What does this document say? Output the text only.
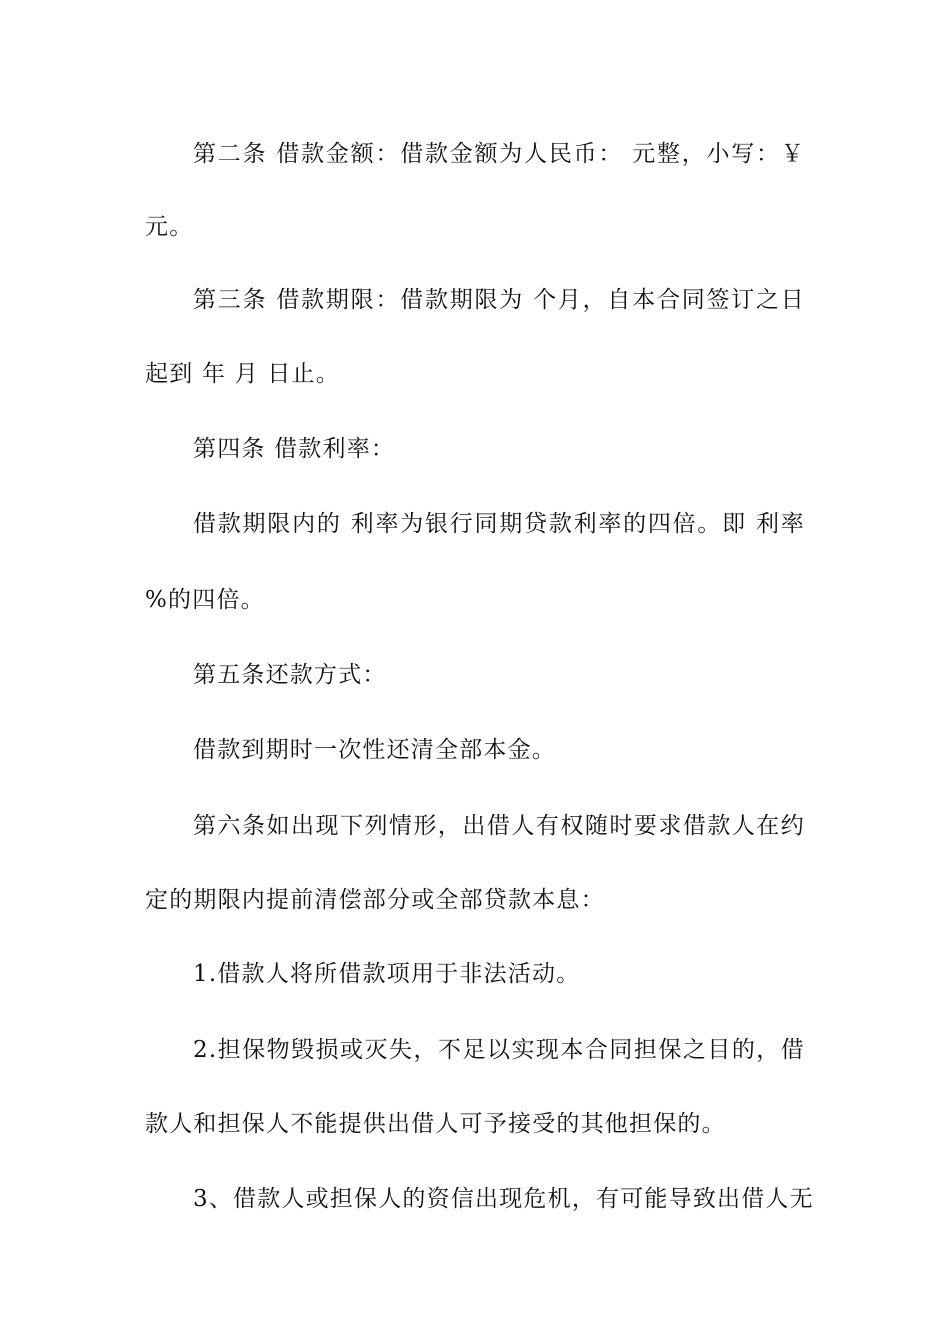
第二条 借款金额：借款金额为人民币： 元整，小写：￥
元。
第三条 借款期限：借款期限为 个月，自本合同签订之日
起到 年 月 日止。
第四条 借款利率：
借款期限内的 利率为银行同期贷款利率的四倍。即 利率
%的四倍。
第五条还款方式：
借款到期时一次性还清全部本金。
第六条如出现下列情形，出借人有权随时要求借款人在约
定的期限内提前清偿部分或全部贷款本息：
1.借款人将所借款项用于非法活动。
2.担保物毁损或灭失，不足以实现本合同担保之目的，借
款人和担保人不能提供出借人可予接受的其他担保的。
3、借款人或担保人的资信出现危机，有可能导致出借人无
